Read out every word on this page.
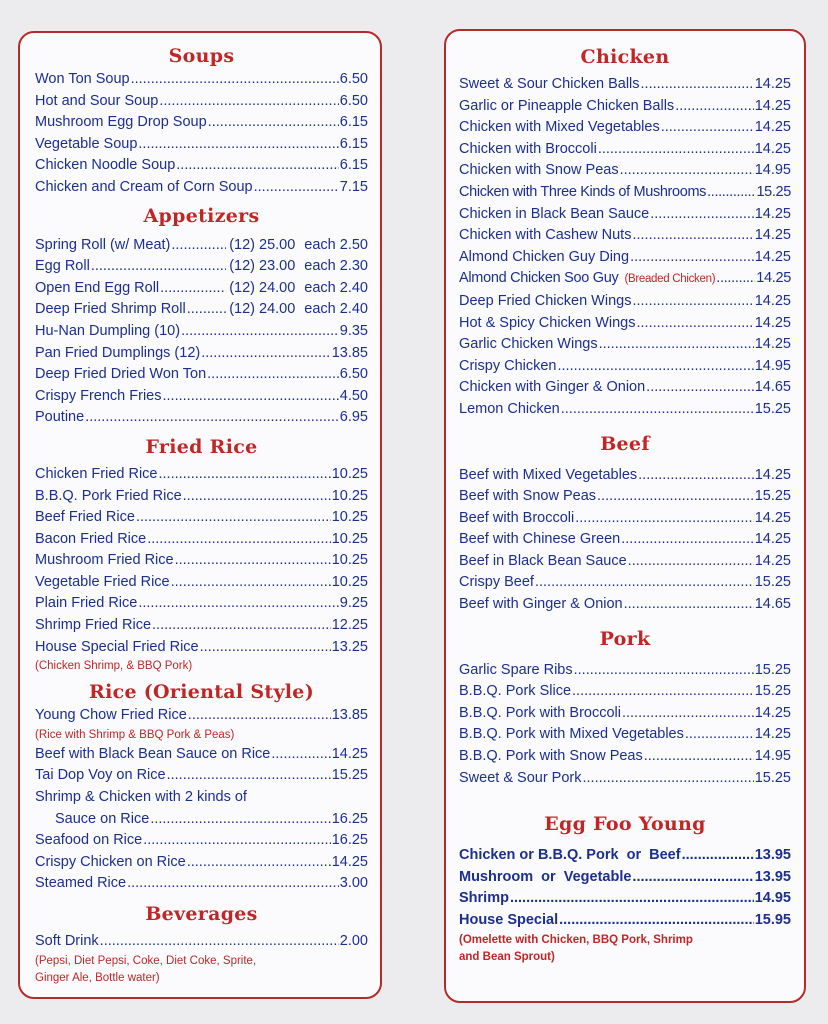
Soups
Won Ton Soup .....	6.50
Hot and Sour Soup .....	6.50
Mushroom Egg Drop Soup .....	6.15
Vegetable Soup .....	6.15
Chicken Noodle Soup .....	6.15
Chicken and Cream of Corn Soup .....	7.15
Appetizers
Spring Roll (w/ Meat) .....	(12) 25.00 each 2.50
Egg Roll .....	(12) 23.00 each 2.30
Open End Egg Roll .....	(12) 24.00 each 2.40
Deep Fried Shrimp Roll .....	(12) 24.00 each 2.40
Hu-Nan Dumpling (10) .....	9.35
Pan Fried Dumplings (12) .....	13.85
Deep Fried Dried Won Ton .....	6.50
Crispy French Fries .....	4.50
Poutine .....	6.95
Fried Rice
Chicken Fried Rice .....	10.25
B.B.Q. Pork Fried Rice .....	10.25
Beef Fried Rice .....	10.25
Bacon Fried Rice .....	10.25
Mushroom Fried Rice .....	10.25
Vegetable Fried Rice .....	10.25
Plain Fried Rice .....	9.25
Shrimp Fried Rice .....	12.25
House Special Fried Rice .....	13.25
(Chicken Shrimp, & BBQ Pork)
Rice (Oriental Style)
Young Chow Fried Rice .....	13.85
(Rice with Shrimp & BBQ Pork & Peas)
Beef with Black Bean Sauce on Rice .....	14.25
Tai Dop Voy on Rice .....	15.25
Shrimp & Chicken with 2 kinds of
Sauce on Rice .....	16.25
Seafood on Rice .....	16.25
Crispy Chicken on Rice .....	14.25
Steamed Rice .....	3.00
Beverages
Soft Drink .....	2.00
(Pepsi, Diet Pepsi, Coke, Diet Coke, Sprite,
Ginger Ale, Bottle water)
Chicken
Sweet & Sour Chicken Balls .....	14.25
Garlic or Pineapple Chicken Balls .....	14.25
Chicken with Mixed Vegetables .....	14.25
Chicken with Broccoli .....	14.25
Chicken with Snow Peas .....	14.95
Chicken with Three Kinds of Mushrooms .....	15.25
Chicken in Black Bean Sauce .....	14.25
Chicken with Cashew Nuts .....	14.25
Almond Chicken Guy Ding .....	14.25
Almond Chicken Soo Guy (Breaded Chicken) .....	14.25
Deep Fried Chicken Wings .....	14.25
Hot & Spicy Chicken Wings .....	14.25
Garlic Chicken Wings .....	14.25
Crispy Chicken .....	14.95
Chicken with Ginger & Onion .....	14.65
Lemon Chicken .....	15.25
Beef
Beef with Mixed Vegetables .....	14.25
Beef with Snow Peas .....	15.25
Beef with Broccoli .....	14.25
Beef with Chinese Green .....	14.25
Beef in Black Bean Sauce .....	14.25
Crispy Beef .....	15.25
Beef with Ginger & Onion .....	14.65
Pork
Garlic Spare Ribs .....	15.25
B.B.Q. Pork Slice .....	15.25
B.B.Q. Pork with Broccoli .....	14.25
B.B.Q. Pork with Mixed Vegetables .....	14.25
B.B.Q. Pork with Snow Peas .....	14.95
Sweet & Sour Pork .....	15.25
Egg Foo Young
Chicken or B.B.Q. Pork  or  Beef .....	13.95
Mushroom  or  Vegetable .....	13.95
Shrimp .....	14.95
House Special .....	15.95
(Omelette with Chicken, BBQ Pork, Shrimp
and Bean Sprout)
